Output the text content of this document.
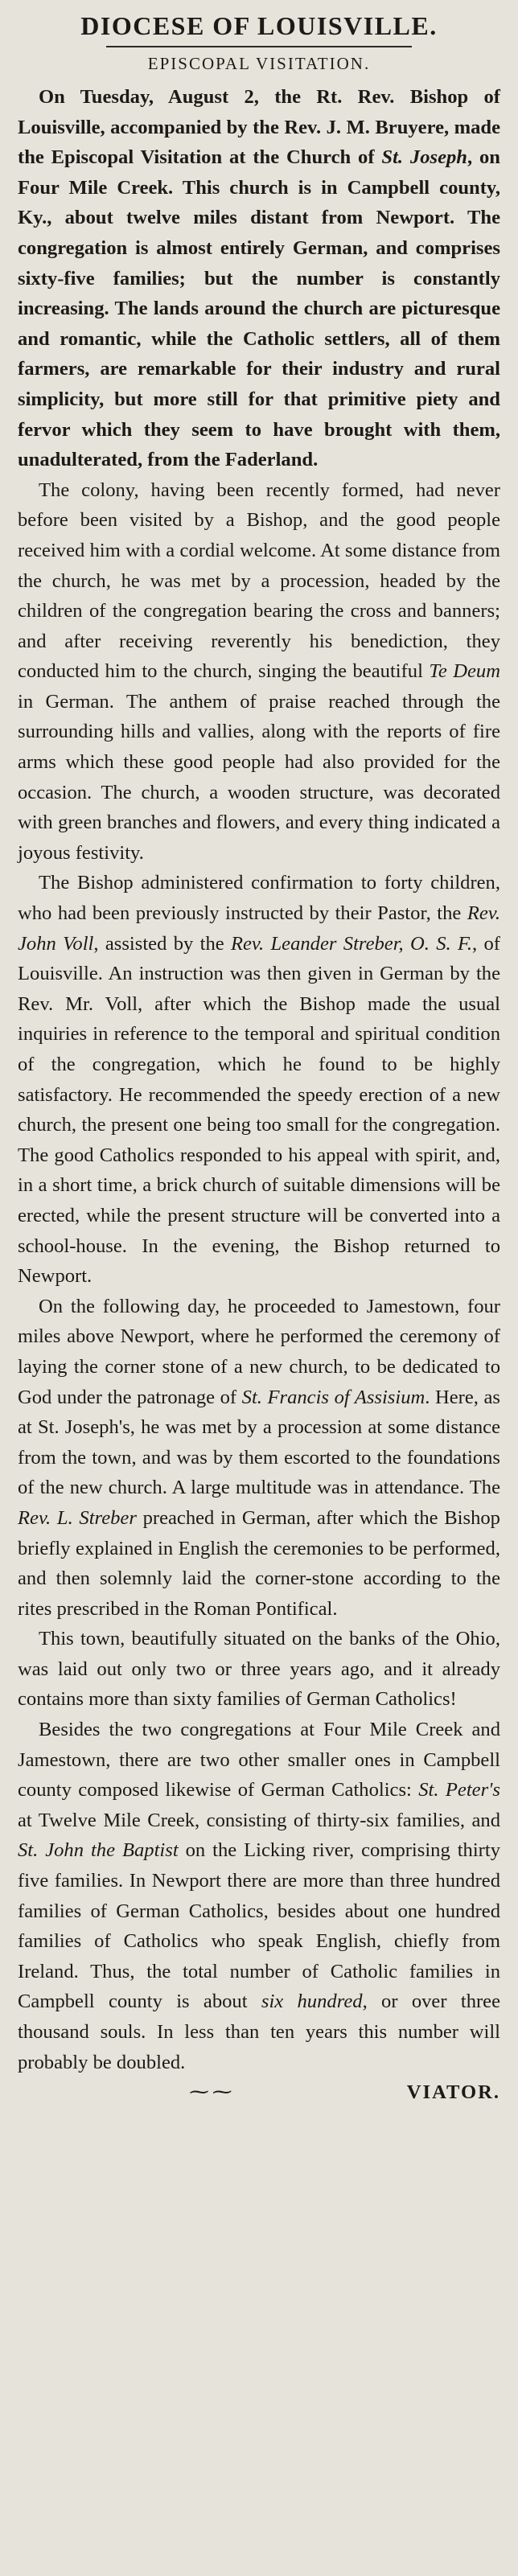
DIOCESE OF LOUISVILLE.
EPISCOPAL VISITATION.

On Tuesday, August 2, the Rt. Rev. Bishop of Louisville, accompanied by the Rev. J. M. Bruyere, made the Episcopal Visitation at the Church of St. Joseph, on Four Mile Creek. This church is in Campbell county, Ky., about twelve miles distant from Newport. The congregation is almost entirely German, and comprises sixty-five families; but the number is constantly increasing. The lands around the church are picturesque and romantic, while the Catholic settlers, all of them farmers, are remarkable for their industry and rural simplicity, but more still for that primitive piety and fervor which they seem to have brought with them, unadulterated, from the Faderland.

The colony, having been recently formed, had never before been visited by a Bishop, and the good people received him with a cordial welcome. At some distance from the church, he was met by a procession, headed by the children of the congregation bearing the cross and banners; and after receiving reverently his benediction, they conducted him to the church, singing the beautiful Te Deum in German. The anthem of praise reached through the surrounding hills and vallies, along with the reports of fire arms which these good people had also provided for the occasion. The church, a wooden structure, was decorated with green branches and flowers, and every thing indicated a joyous festivity.

The Bishop administered confirmation to forty children, who had been previously instructed by their Pastor, the Rev. John Voll, assisted by the Rev. Leander Streber, O. S. F., of Louisville. An instruction was then given in German by the Rev. Mr. Voll, after which the Bishop made the usual inquiries in reference to the temporal and spiritual condition of the congregation, which he found to be highly satisfactory. He recommended the speedy erection of a new church, the present one being too small for the congregation. The good Catholics responded to his appeal with spirit, and, in a short time, a brick church of suitable dimensions will be erected, while the present structure will be converted into a school-house. In the evening, the Bishop returned to Newport.

On the following day, he proceeded to Jamestown, four miles above Newport, where he performed the ceremony of laying the corner stone of a new church, to be dedicated to God under the patronage of St. Francis of Assisium. Here, as at St. Joseph's, he was met by a procession at some distance from the town, and was by them escorted to the foundations of the new church. A large multitude was in attendance. The Rev. L. Streber preached in German, after which the Bishop briefly explained in English the ceremonies to be performed, and then solemnly laid the corner-stone according to the rites prescribed in the Roman Pontifical.

This town, beautifully situated on the banks of the Ohio, was laid out only two or three years ago, and it already contains more than sixty families of German Catholics!

Besides the two congregations at Four Mile Creek and Jamestown, there are two other smaller ones in Campbell county composed likewise of German Catholics: St. Peter's at Twelve Mile Creek, consisting of thirty-six families, and St. John the Baptist on the Licking river, comprising thirty five families. In Newport there are more than three hundred families of German Catholics, besides about one hundred families of Catholics who speak English, chiefly from Ireland. Thus, the total number of Catholic families in Campbell county is about six hundred, or over three thousand souls. In less than ten years this number will probably be doubled.

⁓⁓	VIATOR.
